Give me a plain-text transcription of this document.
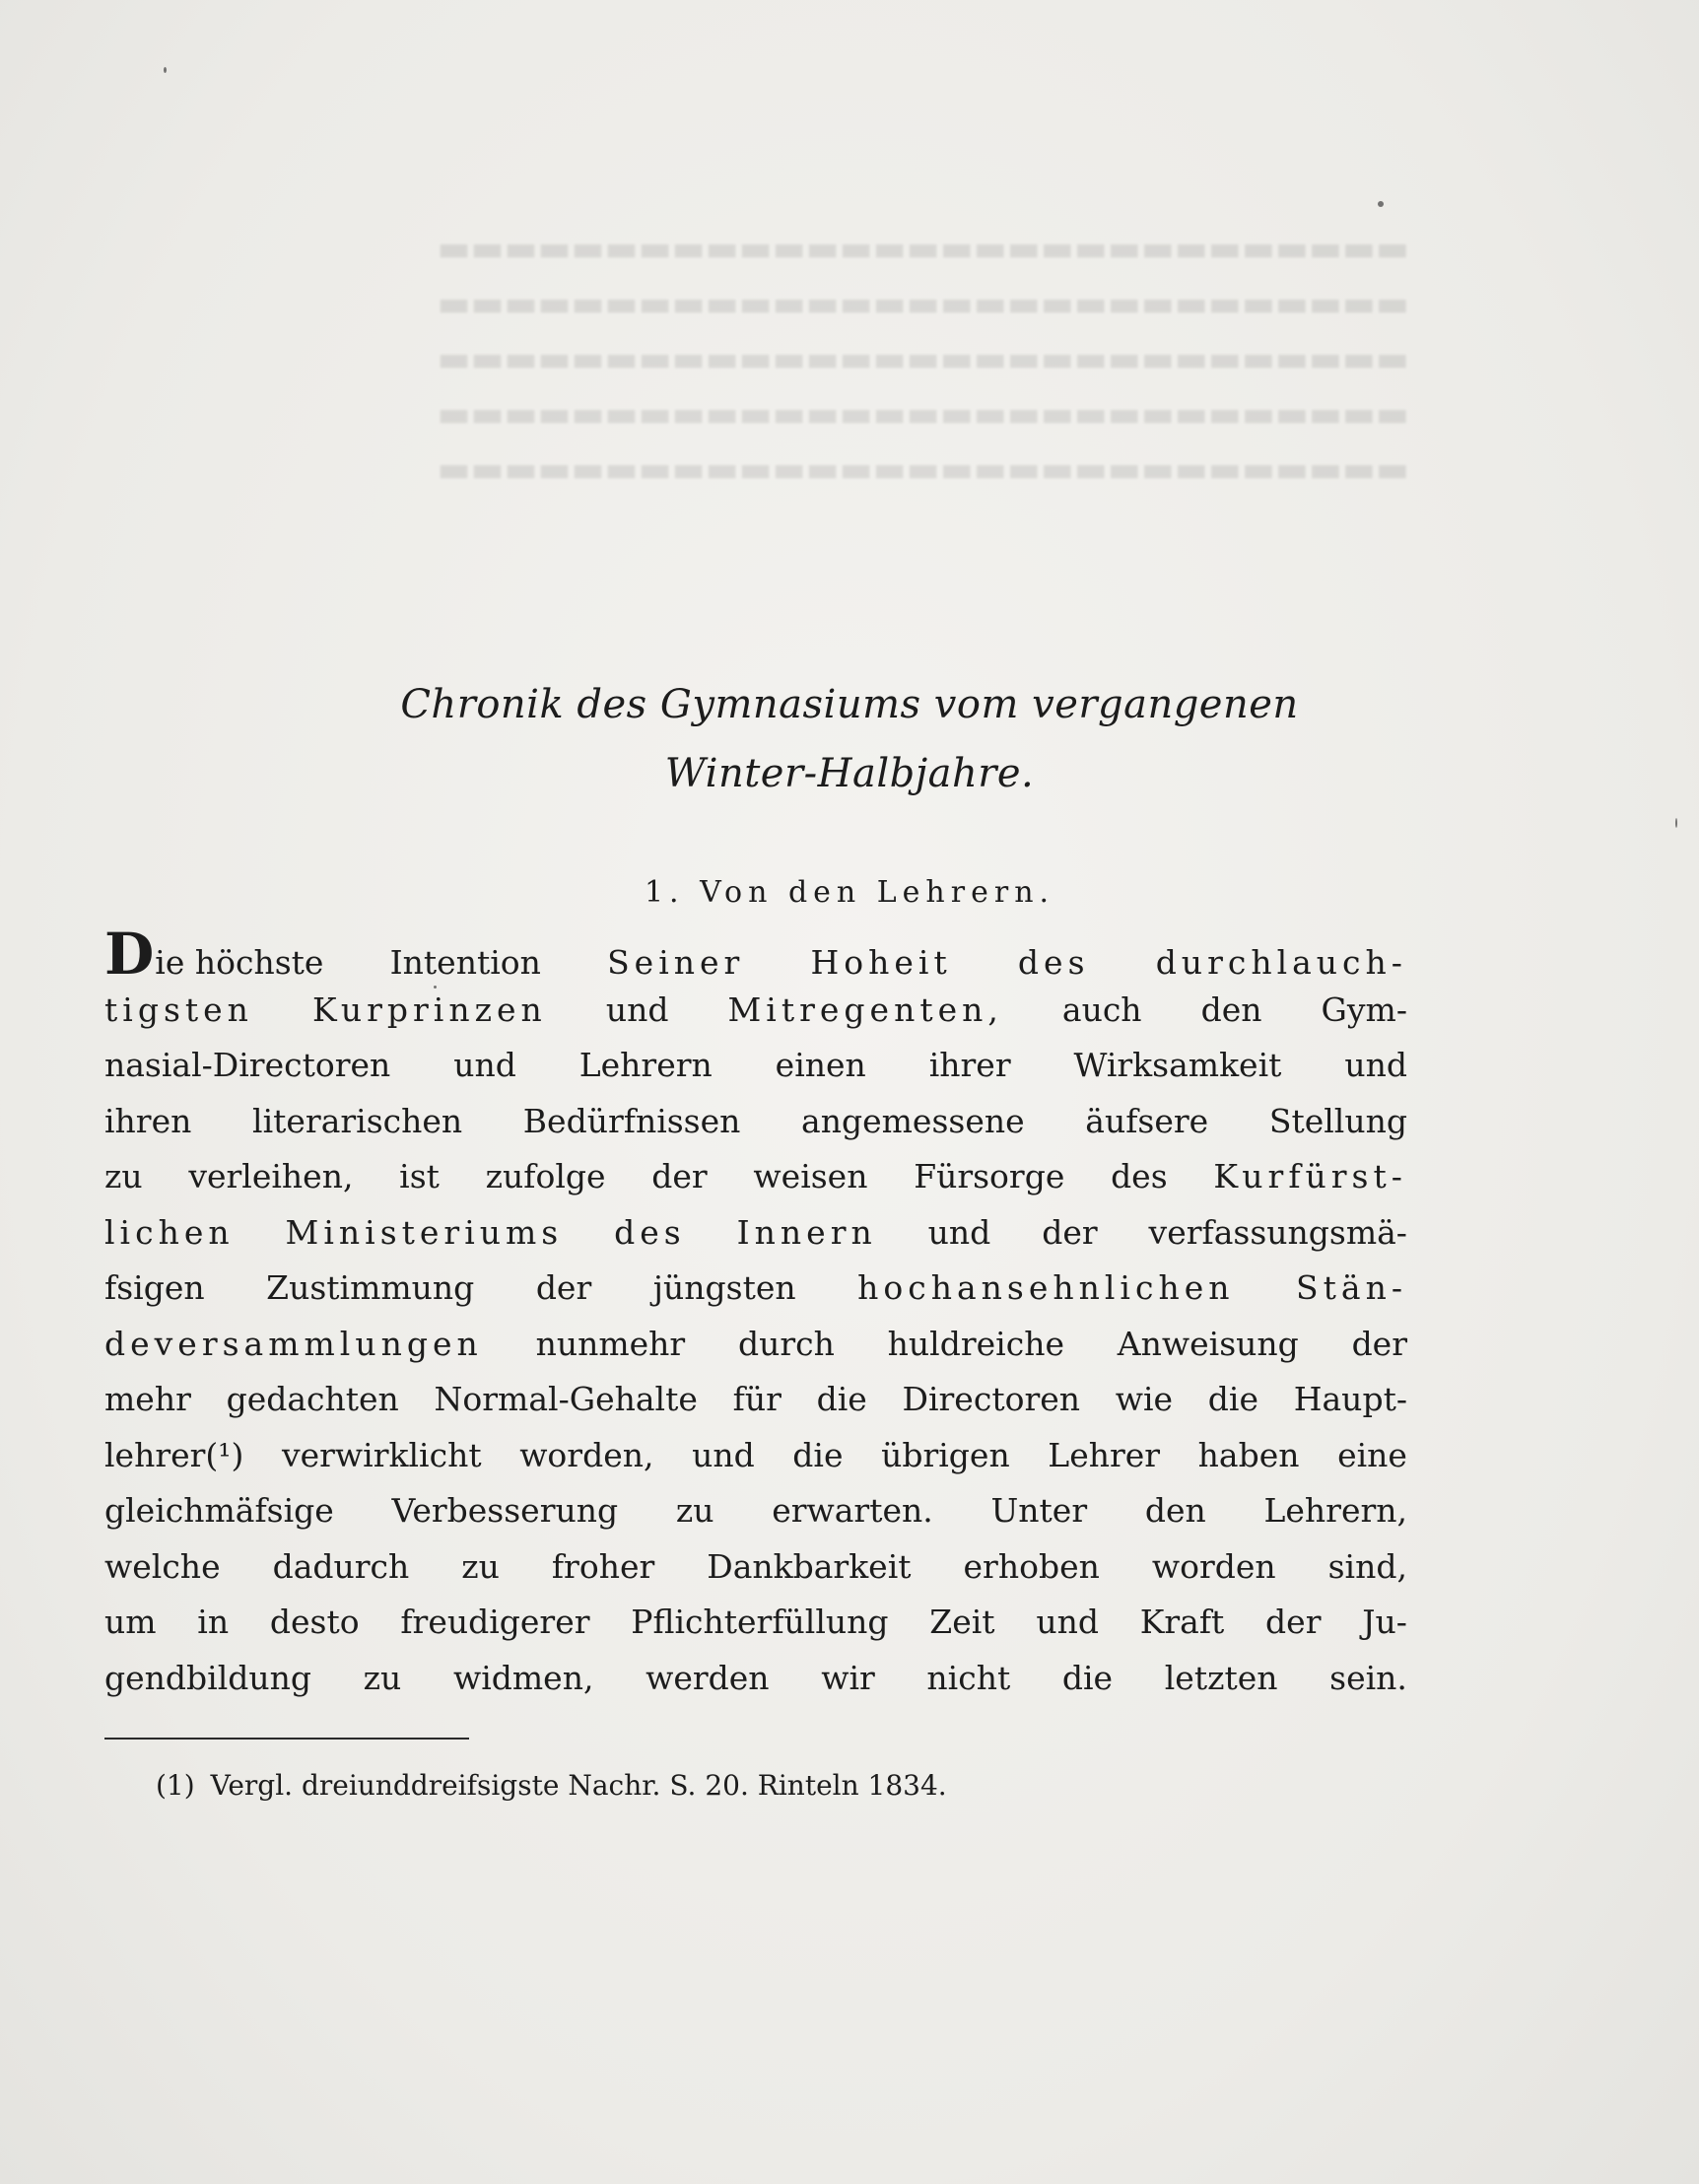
▬▬▬▬▬▬▬▬▬▬▬▬▬▬▬▬▬▬▬▬▬▬▬▬▬▬▬▬▬
▬▬▬▬▬▬▬▬▬▬▬▬▬▬▬▬▬▬▬▬▬▬▬▬▬▬▬▬▬
▬▬▬▬▬▬▬▬▬▬▬▬▬▬▬▬▬▬▬▬▬▬▬▬▬▬▬▬▬
▬▬▬▬▬▬▬▬▬▬▬▬▬▬▬▬▬▬▬▬▬▬▬▬▬▬▬▬▬
▬▬▬▬▬▬▬▬▬▬▬▬▬▬▬▬▬▬▬▬▬▬▬▬▬▬▬▬▬
Chronik des Gymnasiums vom vergangenen
Winter-Halbjahre.
1. Von den Lehrern.
Die höchste Intention Seiner Hoheit des durchlauch-
tigsten Kurprinzen und Mitregenten, auch den Gym-
nasial-Directoren und Lehrern einen ihrer Wirksamkeit und
ihren literarischen Bedürfnissen angemessene äufsere Stellung
zu verleihen, ist zufolge der weisen Fürsorge des Kurfürst-
lichen Ministeriums des Innern und der verfassungsmä-
fsigen Zustimmung der jüngsten hochansehnlichen Stän-
deversammlungen nunmehr durch huldreiche Anweisung der
mehr gedachten Normal-Gehalte für die Directoren wie die Haupt-
lehrer(¹) verwirklicht worden, und die übrigen Lehrer haben eine
gleichmäfsige Verbesserung zu erwarten. Unter den Lehrern,
welche dadurch zu froher Dankbarkeit erhoben worden sind,
um in desto freudigerer Pflichterfüllung Zeit und Kraft der Ju-
gendbildung zu widmen, werden wir nicht die letzten sein.
(1) Vergl. dreiunddreifsigste Nachr. S. 20. Rinteln 1834.
